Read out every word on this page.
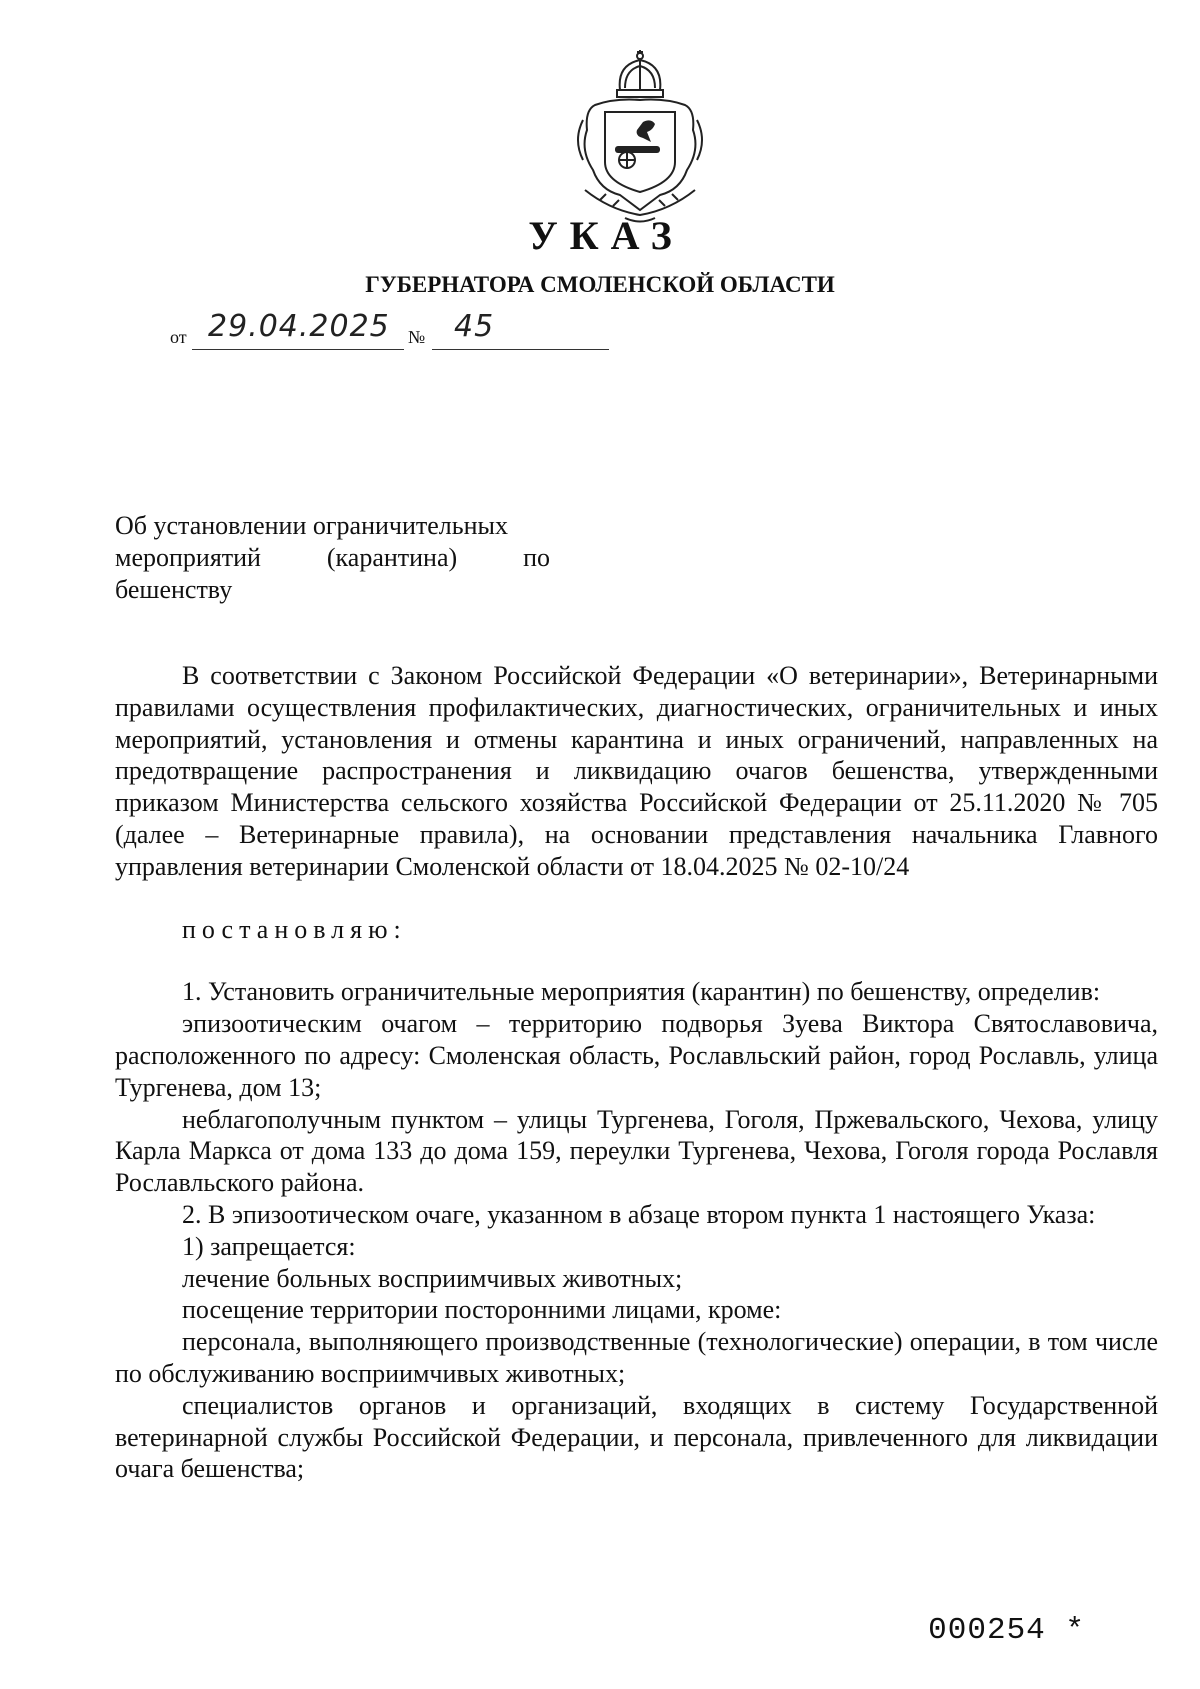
УКАЗ
ГУБЕРНАТОРА СМОЛЕНСКОЙ ОБЛАСТИ
от 29.04.2025 № 45
Об установлении ограничительных
мероприятий (карантина) по
бешенству

В соответствии с Законом Российской Федерации «О ветеринарии», Ветеринарными правилами осуществления профилактических, диагностических, ограничительных и иных мероприятий, установления и отмены карантина и иных ограничений, направленных на предотвращение распространения и ликвидацию очагов бешенства, утвержденными приказом Министерства сельского хозяйства Российской Федерации от 25.11.2020 № 705 (далее – Ветеринарные правила), на основании представления начальника Главного управления ветеринарии Смоленской области от 18.04.2025 № 02-10/24

постановляю:

1. Установить ограничительные мероприятия (карантин) по бешенству, определив:

эпизоотическим очагом – территорию подворья Зуева Виктора Святославовича, расположенного по адресу: Смоленская область, Рославльский район, город Рославль, улица Тургенева, дом 13;

неблагополучным пунктом – улицы Тургенева, Гоголя, Пржевальского, Чехова, улицу Карла Маркса от дома 133 до дома 159, переулки Тургенева, Чехова, Гоголя города Рославля Рославльского района.

2. В эпизоотическом очаге, указанном в абзаце втором пункта 1 настоящего Указа:

1) запрещается:

лечение больных восприимчивых животных;

посещение территории посторонними лицами, кроме:

персонала, выполняющего производственные (технологические) операции, в том числе по обслуживанию восприимчивых животных;

специалистов органов и организаций, входящих в систему Государственной ветеринарной службы Российской Федерации, и персонала, привлеченного для ликвидации очага бешенства;

000254 *
